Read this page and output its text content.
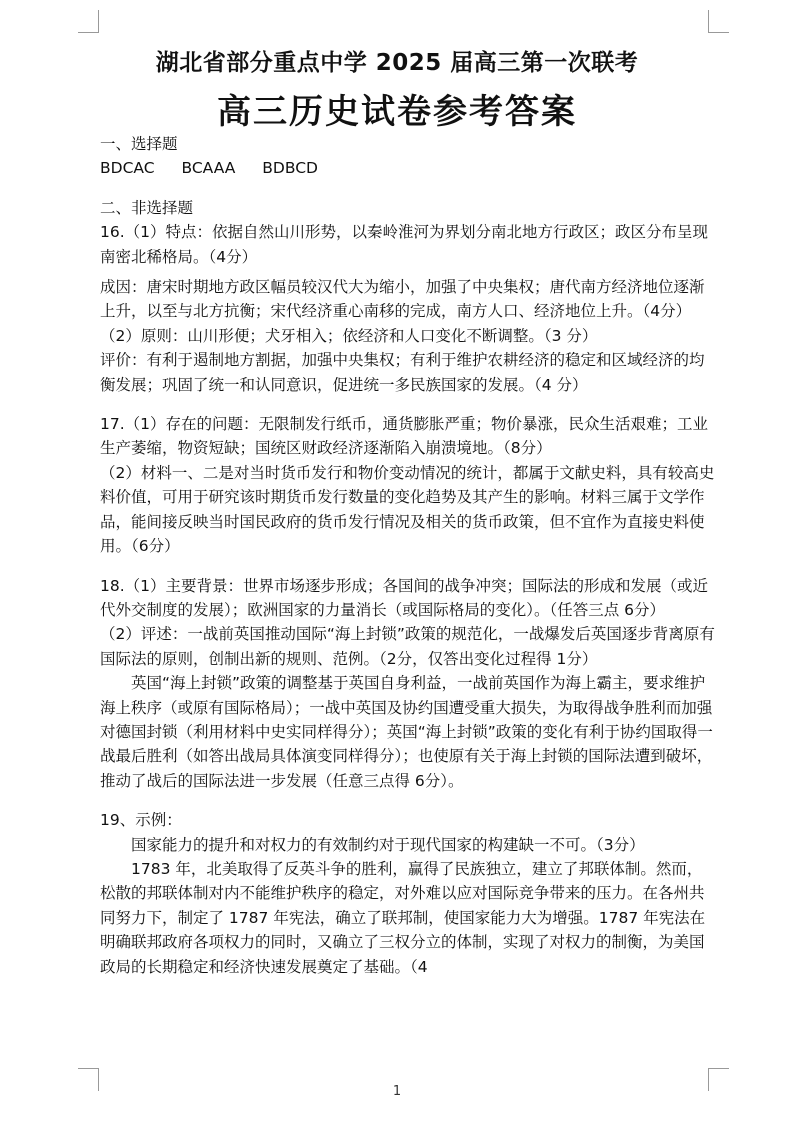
湖北省部分重点中学 2025 届高三第一次联考
高三历史试卷参考答案

一、选择题

BDCAC BCAAA BDBCD

二、非选择题

16.（1）特点：依据自然山川形势，以秦岭淮河为界划分南北地方行政区；政区分布呈现南密北稀格局。（4分）

成因：唐宋时期地方政区幅员较汉代大为缩小，加强了中央集权；唐代南方经济地位逐渐上升，以至与北方抗衡；宋代经济重心南移的完成，南方人口、经济地位上升。（4分）

（2）原则：山川形便；犬牙相入；依经济和人口变化不断调整。（3 分）

评价：有利于遏制地方割据，加强中央集权；有利于维护农耕经济的稳定和区域经济的均衡发展；巩固了统一和认同意识，促进统一多民族国家的发展。（4 分）

17.（1）存在的问题：无限制发行纸币，通货膨胀严重；物价暴涨，民众生活艰难；工业生产萎缩，物资短缺；国统区财政经济逐渐陷入崩溃境地。（8分）

（2）材料一、二是对当时货币发行和物价变动情况的统计，都属于文献史料，具有较高史料价值，可用于研究该时期货币发行数量的变化趋势及其产生的影响。材料三属于文学作品，能间接反映当时国民政府的货币发行情况及相关的货币政策，但不宜作为直接史料使用。（6分）

18.（1）主要背景：世界市场逐步形成；各国间的战争冲突；国际法的形成和发展（或近代外交制度的发展）；欧洲国家的力量消长（或国际格局的变化）。（任答三点 6分）

（2）评述：一战前英国推动国际“海上封锁”政策的规范化，一战爆发后英国逐步背离原有国际法的原则，创制出新的规则、范例。（2分，仅答出变化过程得 1分）

英国“海上封锁”政策的调整基于英国自身利益，一战前英国作为海上霸主，要求维护海上秩序（或原有国际格局）；一战中英国及协约国遭受重大损失，为取得战争胜利而加强对德国封锁（利用材料中史实同样得分）；英国“海上封锁”政策的变化有利于协约国取得一战最后胜利（如答出战局具体演变同样得分）；也使原有关于海上封锁的国际法遭到破坏，推动了战后的国际法进一步发展（任意三点得 6分）。

19、示例：

国家能力的提升和对权力的有效制约对于现代国家的构建缺一不可。（3分）

1783 年，北美取得了反英斗争的胜利，赢得了民族独立，建立了邦联体制。然而，松散的邦联体制对内不能维护秩序的稳定，对外难以应对国际竞争带来的压力。在各州共同努力下，制定了 1787 年宪法，确立了联邦制，使国家能力大为增强。1787 年宪法在明确联邦政府各项权力的同时，又确立了三权分立的体制，实现了对权力的制衡，为美国政局的长期稳定和经济快速发展奠定了基础。（4

1
